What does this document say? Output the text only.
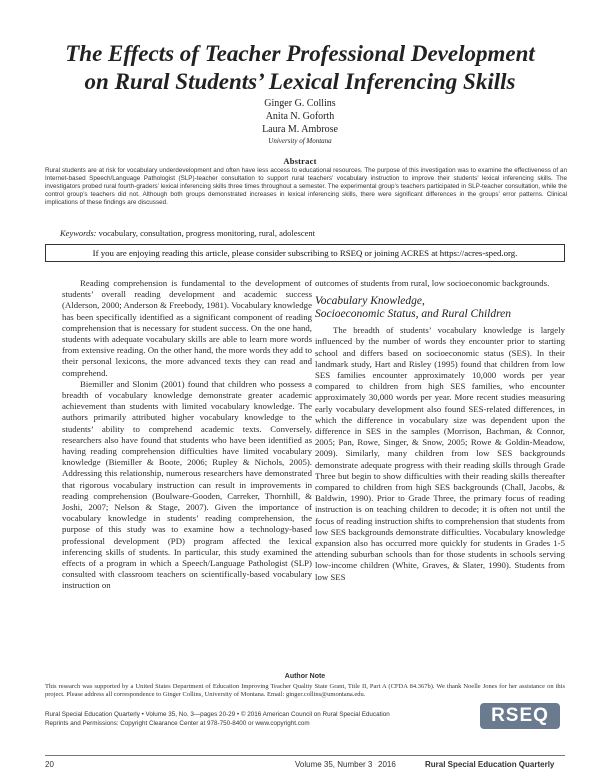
The Effects of Teacher Professional Development
on Rural Students’ Lexical Inferencing Skills
Ginger G. Collins
Anita N. Goforth
Laura M. Ambrose
University of Montana
Abstract
Rural students are at risk for vocabulary underdevelopment and often have less access to educational resources. The purpose of this investigation was to examine the effectiveness of an Internet-based Speech/Language Pathologist (SLP)-teacher consultation to support rural teachers’ vocabulary instruction to improve their students’ lexical inferencing skills. The investigators probed rural fourth-graders’ lexical inferencing skills three times throughout a semester. The experimental group’s teachers participated in SLP-teacher consultation, while the control group’s teachers did not. Although both groups demonstrated increases in lexical inferencing skills, there were significant differences in the groups’ error patterns. Clinical implications of these findings are discussed.
Keywords: vocabulary, consultation, progress monitoring, rural, adolescent
If you are enjoying reading this article, please consider subscribing to RSEQ or joining ACRES at https://acres-sped.org.

Reading comprehension is fundamental to the development of students’ overall reading development and academic success (Alderson, 2000; Anderson & Freebody, 1981). Vocabulary knowledge has been specifically identified as a significant component of reading comprehension that is necessary for student success. On the one hand, students with adequate vocabulary skills are able to learn more words from extensive reading. On the other hand, the more words they add to their personal lexicons, the more advanced texts they can read and comprehend.

Biemiller and Slonim (2001) found that children who possess a breadth of vocabulary knowledge demonstrate greater academic achievement than students with limited vocabulary knowledge. The authors primarily attributed higher vocabulary knowledge to the students’ ability to comprehend academic texts. Conversely, researchers also have found that students who have been identified as having reading comprehension difficulties have limited vocabulary knowledge (Biemiller & Boote, 2006; Rupley & Nichols, 2005). Addressing this relationship, numerous researchers have demonstrated that rigorous vocabulary instruction can result in improvements in reading comprehension (Boulware-Gooden, Carreker, Thornhill, & Joshi, 2007; Nelson & Stage, 2007). Given the importance of vocabulary knowledge in students’ reading comprehension, the purpose of this study was to examine how a technology-based professional development (PD) program affected the lexical inferencing skills of students. In particular, this study examined the effects of a program in which a Speech/Language Pathologist (SLP) consulted with classroom teachers on scientifically-based vocabulary instruction on

outcomes of students from rural, low socioeconomic backgrounds.

Vocabulary Knowledge,
Socioeconomic Status, and Rural Children

The breadth of students’ vocabulary knowledge is largely influenced by the number of words they encounter prior to starting school and differs based on socioeconomic status (SES). In their landmark study, Hart and Risley (1995) found that children from low SES families encounter approximately 10,000 words per year compared to children from high SES families, who encounter approximately 30,000 words per year. More recent studies measuring early vocabulary development also found SES-related differences, in which the difference in vocabulary size was dependent upon the difference in SES in the samples (Morrison, Bachman, & Connor, 2005; Pan, Rowe, Singer, & Snow, 2005; Rowe & Goldin-Meadow, 2009). Similarly, many children from low SES backgrounds demonstrate adequate progress with their reading skills through Grade Three but begin to show difficulties with their reading skills thereafter compared to children from high SES backgrounds (Chall, Jacobs, & Baldwin, 1990). Prior to Grade Three, the primary focus of reading instruction is on teaching children to decode; it is often not until the focus of reading instruction shifts to comprehension that students from low SES backgrounds demonstrate difficulties. Vocabulary knowledge expansion also has occurred more quickly for students in Grades 1-5 attending suburban schools than for those students in schools serving low-income children (White, Graves, & Slater, 1990). Students from low SES

Author Note
This research was supported by a United States Department of Education Improving Teacher Quality State Grant, Title II, Part A (CFDA 84.367b). We thank Noelle Jones for her assistance on this project. Please address all correspondence to Ginger Collins, University of Montana. Email: ginger.collins@umontana.edu.
Rural Special Education Quarterly • Volume 35, No. 3—pages 20-29 • © 2016 American Council on Rural Special Education
Reprints and Permissions: Copyright Clearance Center at 978-750-8400 or www.copyright.com	RSEQ
20	Volume 35, Number 3 2016	Rural Special Education Quarterly
